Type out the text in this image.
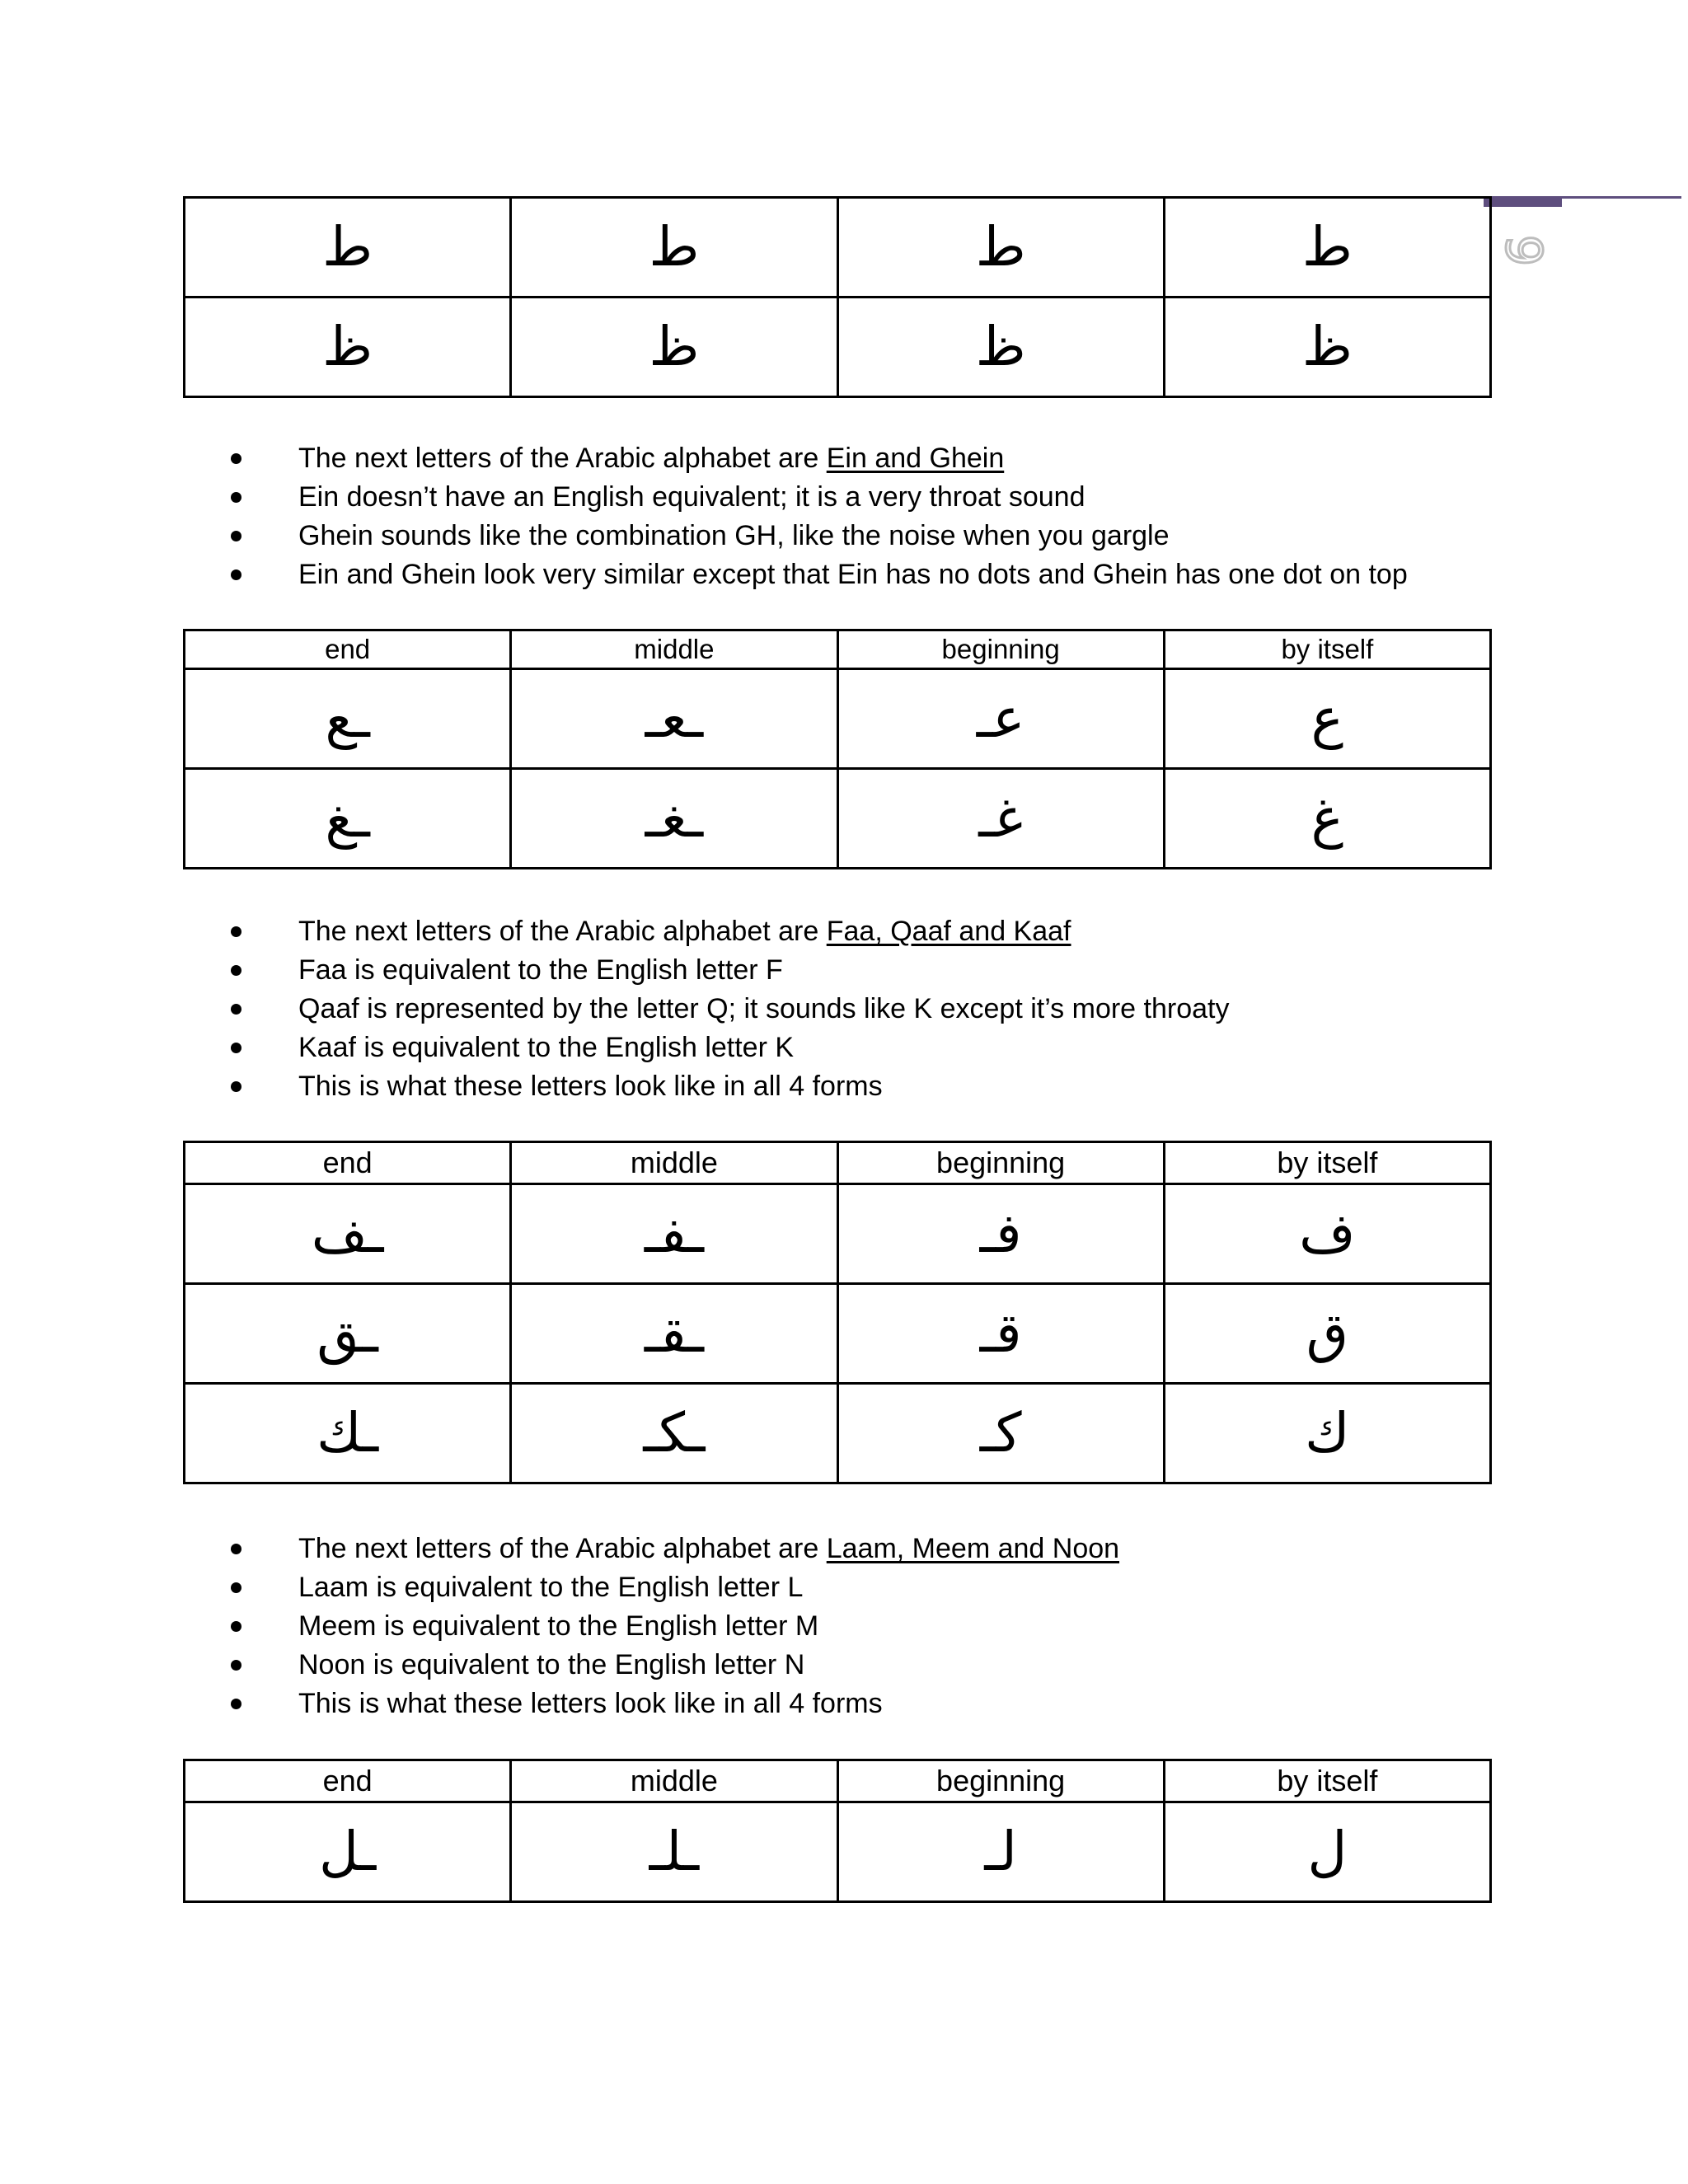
9
ط	ط	ط	ط
ظ	ظ	ظ	ظ
The next letters of the Arabic alphabet are Ein and Ghein
Ein doesn’t have an English equivalent; it is a very throat sound
Ghein sounds like the combination GH, like the noise when you gargle
Ein and Ghein look very similar except that Ein has no dots and Ghein has one dot on top
end	middle	beginning	by itself
ـع	ـعـ	عـ	ع
ـغ	ـغـ	غـ	غ
The next letters of the Arabic alphabet are Faa, Qaaf and Kaaf
Faa is equivalent to the English letter F
Qaaf is represented by the letter Q; it sounds like K except it’s more throaty
Kaaf is equivalent to the English letter K
This is what these letters look like in all 4 forms
end	middle	beginning	by itself
ـف	ـفـ	فـ	ف
ـق	ـقـ	قـ	ق
ـك	ـكـ	كـ	ك
The next letters of the Arabic alphabet are Laam, Meem and Noon
Laam is equivalent to the English letter L
Meem is equivalent to the English letter M
Noon is equivalent to the English letter N
This is what these letters look like in all 4 forms
end	middle	beginning	by itself
ـل	ـلـ	لـ	ل
